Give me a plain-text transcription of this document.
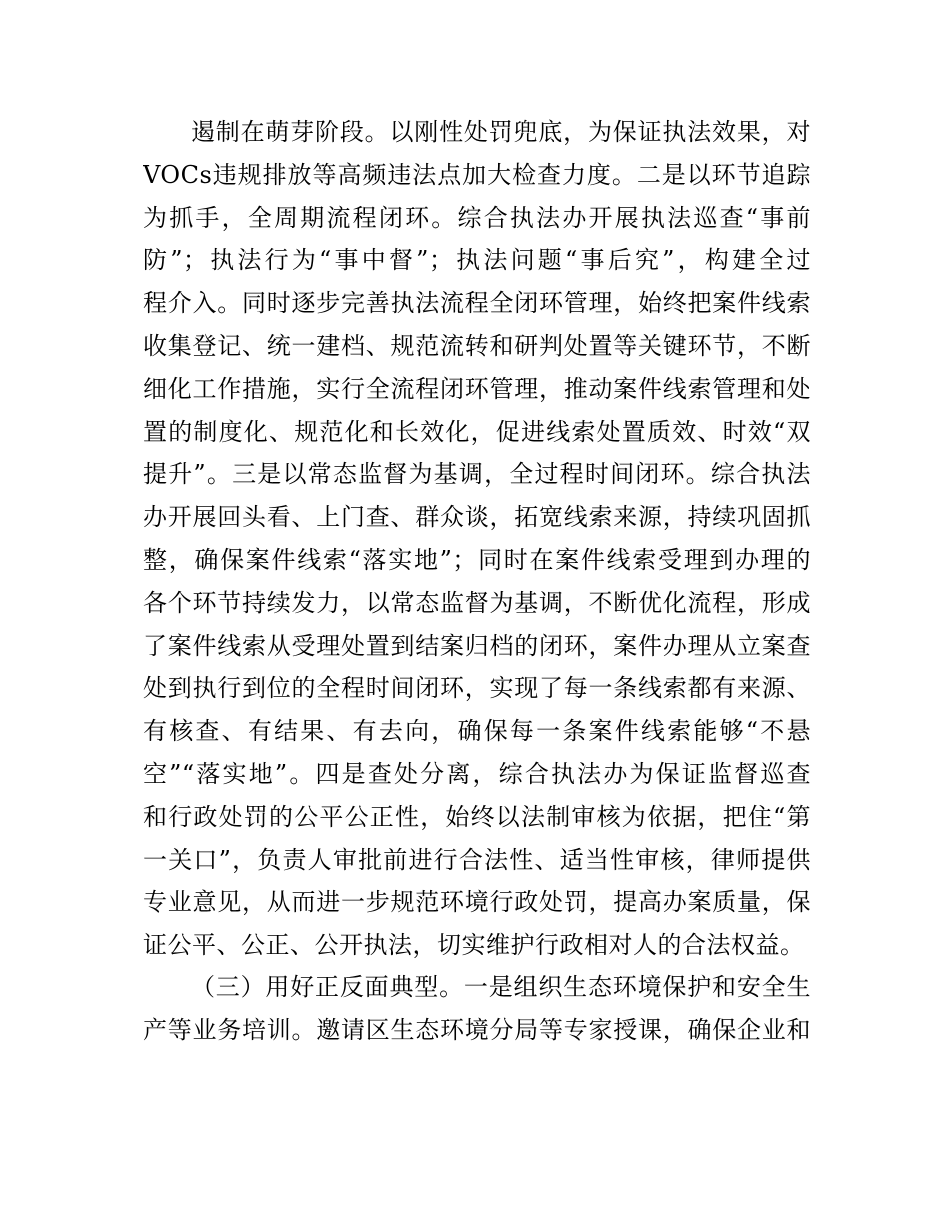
遏制在萌芽阶段。以刚性处罚兜底，为保证执法效果，对
VOCs违规排放等高频违法点加大检查力度。二是以环节追踪
为抓手，全周期流程闭环。综合执法办开展执法巡查“事前
防”；执法行为“事中督”；执法问题“事后究”，构建全过
程介入。同时逐步完善执法流程全闭环管理，始终把案件线索
收集登记、统一建档、规范流转和研判处置等关键环节，不断
细化工作措施，实行全流程闭环管理，推动案件线索管理和处
置的制度化、规范化和长效化，促进线索处置质效、时效“双
提升”。三是以常态监督为基调，全过程时间闭环。综合执法
办开展回头看、上门查、群众谈，拓宽线索来源，持续巩固抓
整，确保案件线索“落实地”；同时在案件线索受理到办理的
各个环节持续发力，以常态监督为基调，不断优化流程，形成
了案件线索从受理处置到结案归档的闭环，案件办理从立案查
处到执行到位的全程时间闭环，实现了每一条线索都有来源、
有核查、有结果、有去向，确保每一条案件线索能够“不悬
空”“落实地”。四是查处分离，综合执法办为保证监督巡查
和行政处罚的公平公正性，始终以法制审核为依据，把住“第
一关口”，负责人审批前进行合法性、适当性审核，律师提供
专业意见，从而进一步规范环境行政处罚，提高办案质量，保
证公平、公正、公开执法，切实维护行政相对人的合法权益。
（三）用好正反面典型。一是组织生态环境保护和安全生
产等业务培训。邀请区生态环境分局等专家授课，确保企业和
